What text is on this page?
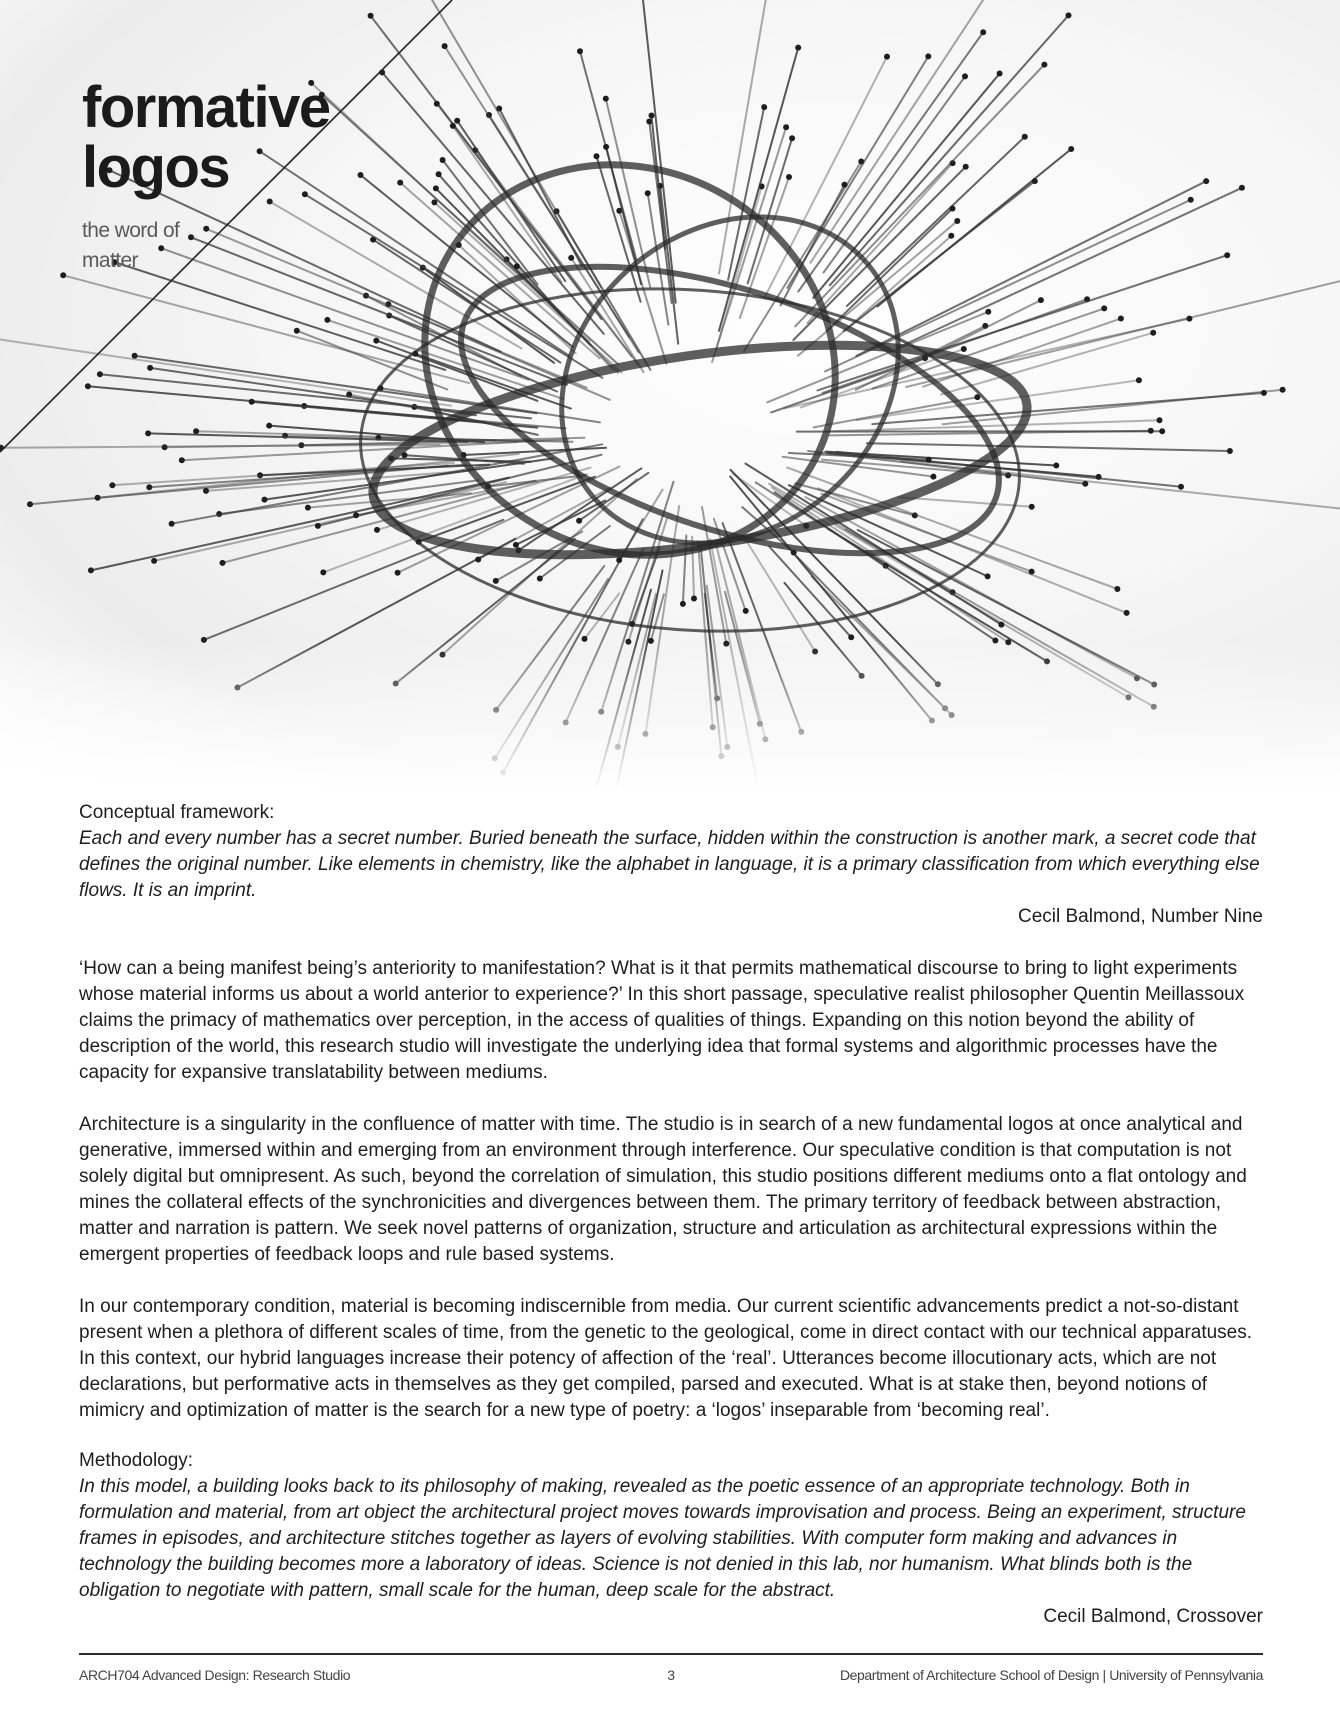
formative
logos
the word of
matter

Conceptual framework:

Each and every number has a secret number. Buried beneath the surface, hidden within the construction is another mark, a secret code that defines the original number. Like elements in chemistry, like the alphabet in language, it is a primary classification from which everything else flows. It is an imprint.

Cecil Balmond, Number Nine

‘How can a being manifest being’s anteriority to manifestation? What is it that permits mathematical discourse to bring to light experiments whose material informs us about a world anterior to experience?’ In this short passage, speculative realist philosopher Quentin Meillassoux claims the primacy of mathematics over perception, in the access of qualities of things. Expanding on this notion beyond the ability of description of the world, this research studio will investigate the underlying idea that formal systems and algorithmic processes have the capacity for expansive translatability between mediums.

Architecture is a singularity in the confluence of matter with time. The studio is in search of a new fundamental logos at once analytical and generative, immersed within and emerging from an environment through interference. Our speculative condition is that computation is not solely digital but omnipresent. As such, beyond the correlation of simulation, this studio positions different mediums onto a flat ontology and mines the collateral effects of the synchronicities and divergences between them. The primary territory of feedback between abstraction, matter and narration is pattern. We seek novel patterns of organization, structure and articulation as architectural expressions within the emergent properties of feedback loops and rule based systems.

In our contemporary condition, material is becoming indiscernible from media. Our current scientific advancements predict a not-so-distant present when a plethora of different scales of time, from the genetic to the geological, come in direct contact with our technical apparatuses. In this context, our hybrid languages increase their potency of affection of the ‘real’. Utterances become illocutionary acts, which are not declarations, but performative acts in themselves as they get compiled, parsed and executed. What is at stake then, beyond notions of mimicry and optimization of matter is the search for a new type of poetry: a ‘logos’ inseparable from ‘becoming real’.

Methodology:

In this model, a building looks back to its philosophy of making, revealed as the poetic essence of an appropriate technology. Both in formulation and material, from art object the architectural project moves towards improvisation and process. Being an experiment, structure frames in episodes, and architecture stitches together as layers of evolving stabilities. With computer form making and advances in technology the building becomes more a laboratory of ideas. Science is not denied in this lab, nor humanism. What blinds both is the obligation to negotiate with pattern, small scale for the human, deep scale for the abstract.

Cecil Balmond, Crossover

ARCH704 Advanced Design: Research Studio	3	Department of Architecture School of Design | University of Pennsylvania
